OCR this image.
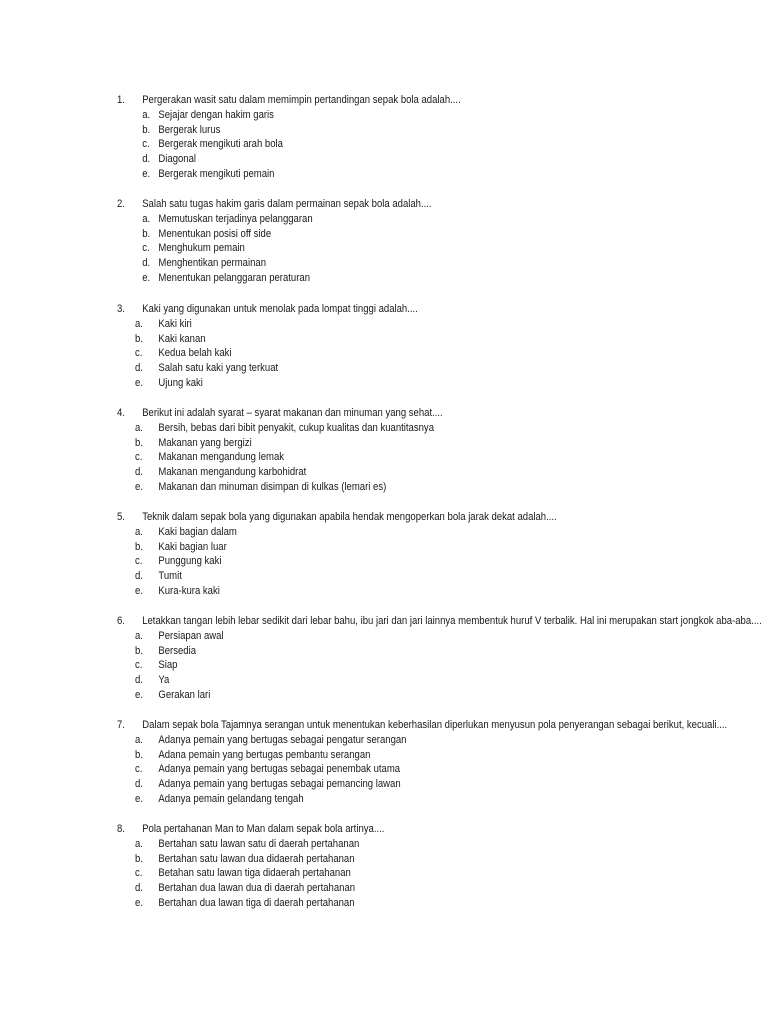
1. Pergerakan wasit satu dalam memimpin pertandingan sepak bola adalah....
a. Sejajar dengan hakim garis
b. Bergerak lurus
c. Bergerak mengikuti arah bola
d. Diagonal
e. Bergerak mengikuti pemain
2. Salah satu tugas hakim garis dalam permainan sepak bola adalah....
a. Memutuskan terjadinya pelanggaran
b. Menentukan posisi off side
c. Menghukum pemain
d. Menghentikan permainan
e. Menentukan pelanggaran peraturan
3. Kaki yang digunakan untuk menolak pada lompat tinggi adalah....
a. Kaki kiri
b. Kaki kanan
c. Kedua belah kaki
d. Salah satu kaki yang terkuat
e. Ujung kaki
4. Berikut ini adalah syarat – syarat makanan dan minuman yang sehat....
a. Bersih, bebas dari bibit penyakit, cukup kualitas dan kuantitasnya
b. Makanan yang bergizi
c. Makanan mengandung lemak
d. Makanan mengandung karbohidrat
e. Makanan dan minuman disimpan di kulkas (lemari es)
5. Teknik dalam sepak bola yang digunakan apabila hendak mengoperkan bola jarak dekat adalah....
a. Kaki bagian dalam
b. Kaki bagian luar
c. Punggung kaki
d. Tumit
e. Kura-kura kaki
6. Letakkan tangan lebih lebar sedikit dari lebar bahu, ibu jari dan jari lainnya membentuk huruf V terbalik. Hal ini merupakan start jongkok aba-aba....
a. Persiapan awal
b. Bersedia
c. Siap
d. Ya
e. Gerakan lari
7. Dalam sepak bola Tajamnya serangan untuk menentukan keberhasilan diperlukan menyusun pola penyerangan sebagai berikut, kecuali....
a. Adanya pemain yang bertugas sebagai pengatur serangan
b. Adana pemain yang bertugas pembantu serangan
c. Adanya pemain yang bertugas sebagai penembak utama
d. Adanya pemain yang bertugas sebagai pemancing lawan
e. Adanya pemain gelandang tengah
8. Pola pertahanan Man to Man dalam sepak bola artinya....
a. Bertahan satu lawan satu di daerah pertahanan
b. Bertahan satu lawan dua didaerah pertahanan
c. Betahan satu lawan tiga didaerah pertahanan
d. Bertahan dua lawan dua di daerah pertahanan
e. Bertahan dua lawan tiga di daerah pertahanan
